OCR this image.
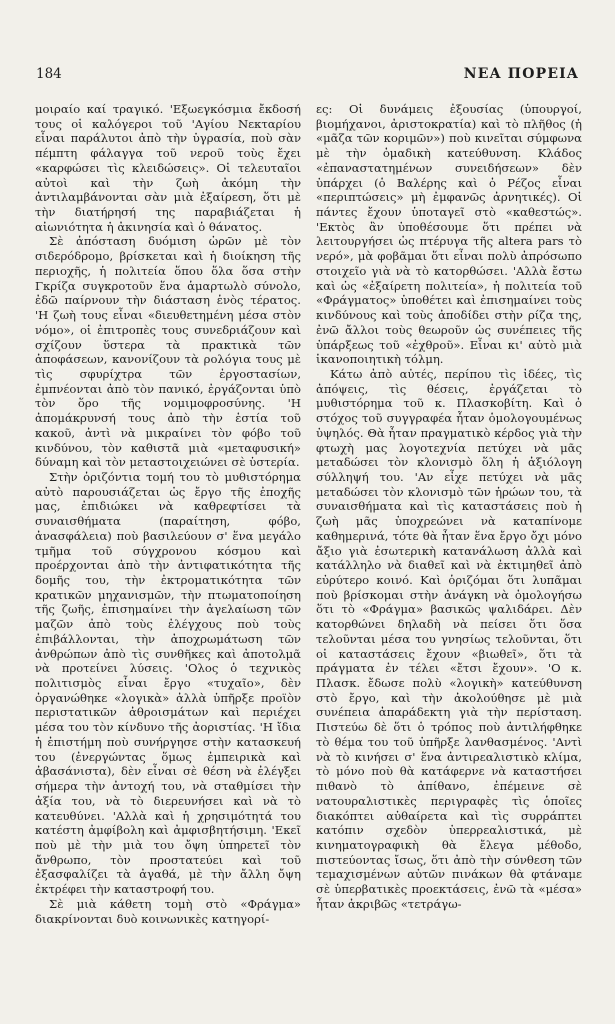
184	ΝΕΑ ΠΟΡΕΙΑ

μοιραίο καί τραγικό. 'Εξωεγκόσμια ἔκδοσή τους οἱ καλόγεροι τοῦ 'Αγίου Νεκταρίου εἶναι παράλυτοι ἀπὸ τὴν ὑγρασία, ποὺ σὰν πέμπτη φάλαγγα τοῦ νεροῦ τοὺς ἔχει «καρφώσει τὶς κλειδώσεις». Οἱ τελευταῖοι αὐτοὶ καὶ τὴν ζωὴ ἀκόμη τὴν ἀντιλαμβάνονται σὰν μιὰ ἐξαίρεση, ὅτι μὲ τὴν διατήρησή της παραβιάζεται ἡ αἰωνιότητα ἡ ἀκινησία καὶ ὁ θάνατος.

Σὲ ἀπόσταση δυόμιση ὡρῶν μὲ τὸν σιδερόδρομο, βρίσκεται καὶ ἡ διοίκηση τῆς περιοχῆς, ἡ πολιτεία ὅπου ὅλα ὅσα στὴν Γκρίζα συγκροτοῦν ἕνα ἁμαρτωλὸ σύνολο, ἐδῶ παίρνουν τὴν διάσταση ἑνὸς τέρατος. 'Η ζωὴ τους εἶναι «διευθετημένη μέσα στὸν νόμο», οἱ ἐπιτροπὲς τους συνεδριάζουν καὶ σχίζουν ὕστερα τὰ πρακτικὰ τῶν ἀποφάσεων, κανονίζουν τὰ ρολόγια τους μὲ τὶς σφυρίχτρα τῶν ἐργοστασίων, ἐμπνέονται ἀπὸ τὸν πανικό, ἐργάζονται ὑπὸ τὸν ὅρο τῆς νομιμοφροσύνης. 'Η ἀπομάκρυνσή τους ἀπὸ τὴν ἑστία τοῦ κακοῦ, ἀντὶ νὰ μικραίνει τὸν φόβο τοῦ κινδύνου, τὸν καθιστᾶ μιὰ «μεταφυσική» δύναμη καὶ τὸν μεταστοιχειώνει σὲ ὑστερία.

Στὴν ὁριζόντια τομή του τὸ μυθιστόρημα αὐτὸ παρουσιάζεται ὡς ἔργο τῆς ἐποχῆς μας, ἐπιδιώκει νὰ καθρεφτίσει τὰ συναισθήματα (παραίτηση, φόβο, ἀνασφάλεια) ποὺ βασιλεύουν σ' ἕνα μεγάλο τμῆμα τοῦ σύγχρονου κόσμου καὶ προέρχονται ἀπὸ τὴν ἀντιφατικότητα τῆς δομῆς του, τὴν ἐκτροματικότητα τῶν κρατικῶν μηχανισμῶν, τὴν πτωματοποίηση τῆς ζωῆς, ἐπισημαίνει τὴν ἀγελαίωση τῶν μαζῶν ἀπὸ τοὺς ἐλέγχους ποὺ τοὺς ἐπιβάλλονται, τὴν ἀποχρωμάτωση τῶν ἀνθρώπων ἀπὸ τὶς συνθῆκες καὶ ἀποτολμᾶ νὰ προτείνει λύσεις. 'Ολος ὁ τεχνικὸς πολιτισμὸς εἶναι ἔργο «τυχαῖο», δὲν ὀργανώθηκε «λογικὰ» ἀλλὰ ὑπῆρξε προϊὸν περιστατικῶν ἀθροισμάτων καὶ περιέχει μέσα του τὸν κίνδυνο τῆς ἀοριστίας. 'Η ἴδια ἡ ἐπιστήμη ποὺ συνήργησε στὴν κατασκευή του (ἐνεργώντας ὅμως ἐμπειρικὰ καὶ ἀβασάνιστα), δὲν εἶναι σὲ θέση νὰ ἐλέγξει σήμερα τὴν ἀντοχή του, νὰ σταθμίσει τὴν ἀξία του, νὰ τὸ διερευνήσει καὶ νὰ τὸ κατευθύνει. 'Αλλὰ καὶ ἡ χρησιμότητά του κατέστη ἀμφίβολη καὶ ἀμφισβητήσιμη. 'Εκεῖ ποὺ μὲ τὴν μιὰ του ὄψη ὑπηρετεῖ τὸν ἄνθρωπο, τὸν προστατεύει καὶ τοῦ ἐξασφαλίζει τὰ ἀγαθά, μὲ τὴν ἄλλη ὄψη ἐκτρέφει τὴν καταστροφή του.

Σὲ μιὰ κάθετη τομὴ στὸ «Φράγμα» διακρίνονται δυὸ κοινωνικὲς κατηγορί-

ες: Οἱ δυνάμεις ἐξουσίας (ὑπουργοί, βιομήχανοι, ἀριστοκρατία) καὶ τὸ πλῆθος (ἡ «μᾶζα τῶν κοριμῶν») ποὺ κινεῖται σύμφωνα μὲ τὴν ὁμαδικὴ κατεύθυνση. Κλάδος «ἐπαναστατημένων συνειδήσεων» δὲν ὑπάρχει (ὁ Βαλέρης καὶ ὁ Ρέζος εἶναι «περιπτώσεις» μὴ ἐμφανῶς ἀρνητικές). Οἱ πάντες ἔχουν ὑποταγεῖ στὸ «καθεστώς». 'Εκτὸς ἂν ὑποθέσουμε ὅτι πρέπει νὰ λειτουργήσει ὡς πτέρυγα τῆς altera pars τὸ νερό», μὰ φοβᾶμαι ὅτι εἶναι πολὺ ἀπρόσωπο στοιχεῖο γιὰ νὰ τὸ κατορθώσει. 'Αλλὰ ἔστω καὶ ὡς «ἐξαίρετη πολιτεία», ἡ πολιτεία τοῦ «Φράγματος» ὑποθέτει καὶ ἐπισημαίνει τοὺς κινδύνους καὶ τοὺς ἀποδίδει στὴν ρίζα της, ἐνῶ ἄλλοι τοὺς θεωροῦν ὡς συνέπειες τῆς ὑπάρξεως τοῦ «ἐχθροῦ». Εἶναι κι' αὐτὸ μιὰ ἱκανοποιητικὴ τόλμη.

Κάτω ἀπὸ αὐτές, περίπου τὶς ἰδέες, τὶς ἀπόψεις, τὶς θέσεις, ἐργάζεται τὸ μυθιστόρημα τοῦ κ. Πλασκοβίτη. Καὶ ὁ στόχος τοῦ συγγραφέα ἦταν ὁμολογουμένως ὑψηλός. Θὰ ἦταν πραγματικὸ κέρδος γιὰ τὴν φτωχὴ μας λογοτεχνία πετύχει νὰ μᾶς μεταδώσει τὸν κλονισμὸ ὅλη ἡ ἀξιόλογη σύλληψή του. 'Αν εἶχε πετύχει νὰ μᾶς μεταδώσει τὸν κλονισμὸ τῶν ἡρώων του, τὰ συναισθήματα καὶ τὶς καταστάσεις ποὺ ἡ ζωὴ μᾶς ὑποχρεώνει νὰ καταπίνομε καθημερινά, τότε θὰ ἦταν ἕνα ἔργο ὄχι μόνο ἄξιο γιὰ ἐσωτερικὴ κατανάλωση ἀλλὰ καὶ κατάλληλο νὰ διαθεῖ καὶ νὰ ἐκτιμηθεῖ ἀπὸ εὐρύτερο κοινό. Καὶ ὁριζόμαι ὅτι λυπᾶμαι ποὺ βρίσκομαι στὴν ἀνάγκη νὰ ὁμολογήσω ὅτι τὸ «Φράγμα» βασικῶς ψαλιδάρει. Δὲν κατορθώνει δηλαδὴ νὰ πείσει ὅτι ὅσα τελοῦνται μέσα του γνησίως τελοῦνται, ὅτι οἱ καταστάσεις ἔχουν «βιωθεῖ», ὅτι τὰ πράγματα ἐν τέλει «ἔτσι ἔχουν». 'Ο κ. Πλασκ. ἔδωσε πολὺ «λογικὴ» κατεύθυνση στὸ ἔργο, καὶ τὴν ἀκολούθησε μὲ μιὰ συνέπεια ἀπαράδεκτη γιὰ τὴν περίσταση. Πιστεύω δὲ ὅτι ὁ τρόπος ποὺ ἀντιλήφθηκε τὸ θέμα του τοῦ ὑπῆρξε λανθασμένος. 'Αντὶ νὰ τὸ κινήσει σ' ἕνα ἀντιρεαλιστικὸ κλίμα, τὸ μόνο ποὺ θὰ κατάφερνε νὰ καταστήσει πιθανὸ τὸ ἀπίθανο, ἐπέμεινε σὲ νατουραλιστικὲς περιγραφὲς τὶς ὁποῖες διακόπτει αὐθαίρετα καὶ τὶς συρράπτει κατόπιν σχεδὸν ὑπερρεαλιστικά, μὲ κινηματογραφικὴ θὰ ἔλεγα μέθοδο, πιστεύοντας ἴσως, ὅτι ἀπὸ τὴν σύνθεση τῶν τεμαχισμένων αὐτῶν πινάκων θὰ φτάναμε σὲ ὑπερβατικὲς προεκτάσεις, ἐνῶ τὰ «μέσα» ἦταν ἀκριβῶς «τετράγω-
